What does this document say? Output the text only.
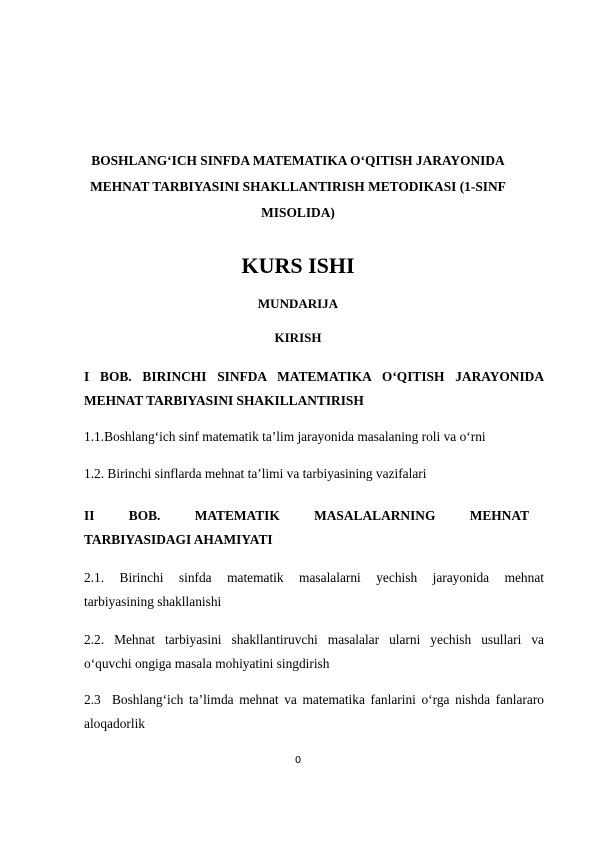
BOSHLANG‘ICH SINFDA MATEMATIKA O‘QITISH JARAYONIDA
MEHNAT TARBIYASINI SHAKLLANTIRISH METODIKASI (1-SINF
MISOLIDA)
KURS ISHI
MUNDARIJA
KIRISH
I BOB. BIRINCHI SINFDA MATEMATIKA O‘QITISH JARAYONIDA
MEHNAT TARBIYASINI SHAKILLANTIRISH
1.1.Boshlang‘ich sinf matematik ta’lim jarayonida masalaning roli va o‘rni
1.2. Birinchi sinflarda mehnat ta’limi va tarbiyasining vazifalari
II	BOB.	MATEMATIK	MASALALARNING	MEHNAT
TARBIYASIDAGI AHAMIYATI
2.1. Birinchi sinfda matematik masalalarni yechish jarayonida mehnat
tarbiyasining shakllanishi
2.2. Mehnat tarbiyasini shakllantiruvchi masalalar ularni yechish usullari va
o‘quvchi ongiga masala mohiyatini singdirish
2.3  Boshlang‘ich ta’limda mehnat va matematika fanlarini o‘rga nishda fanlararo
aloqadorlik
0
